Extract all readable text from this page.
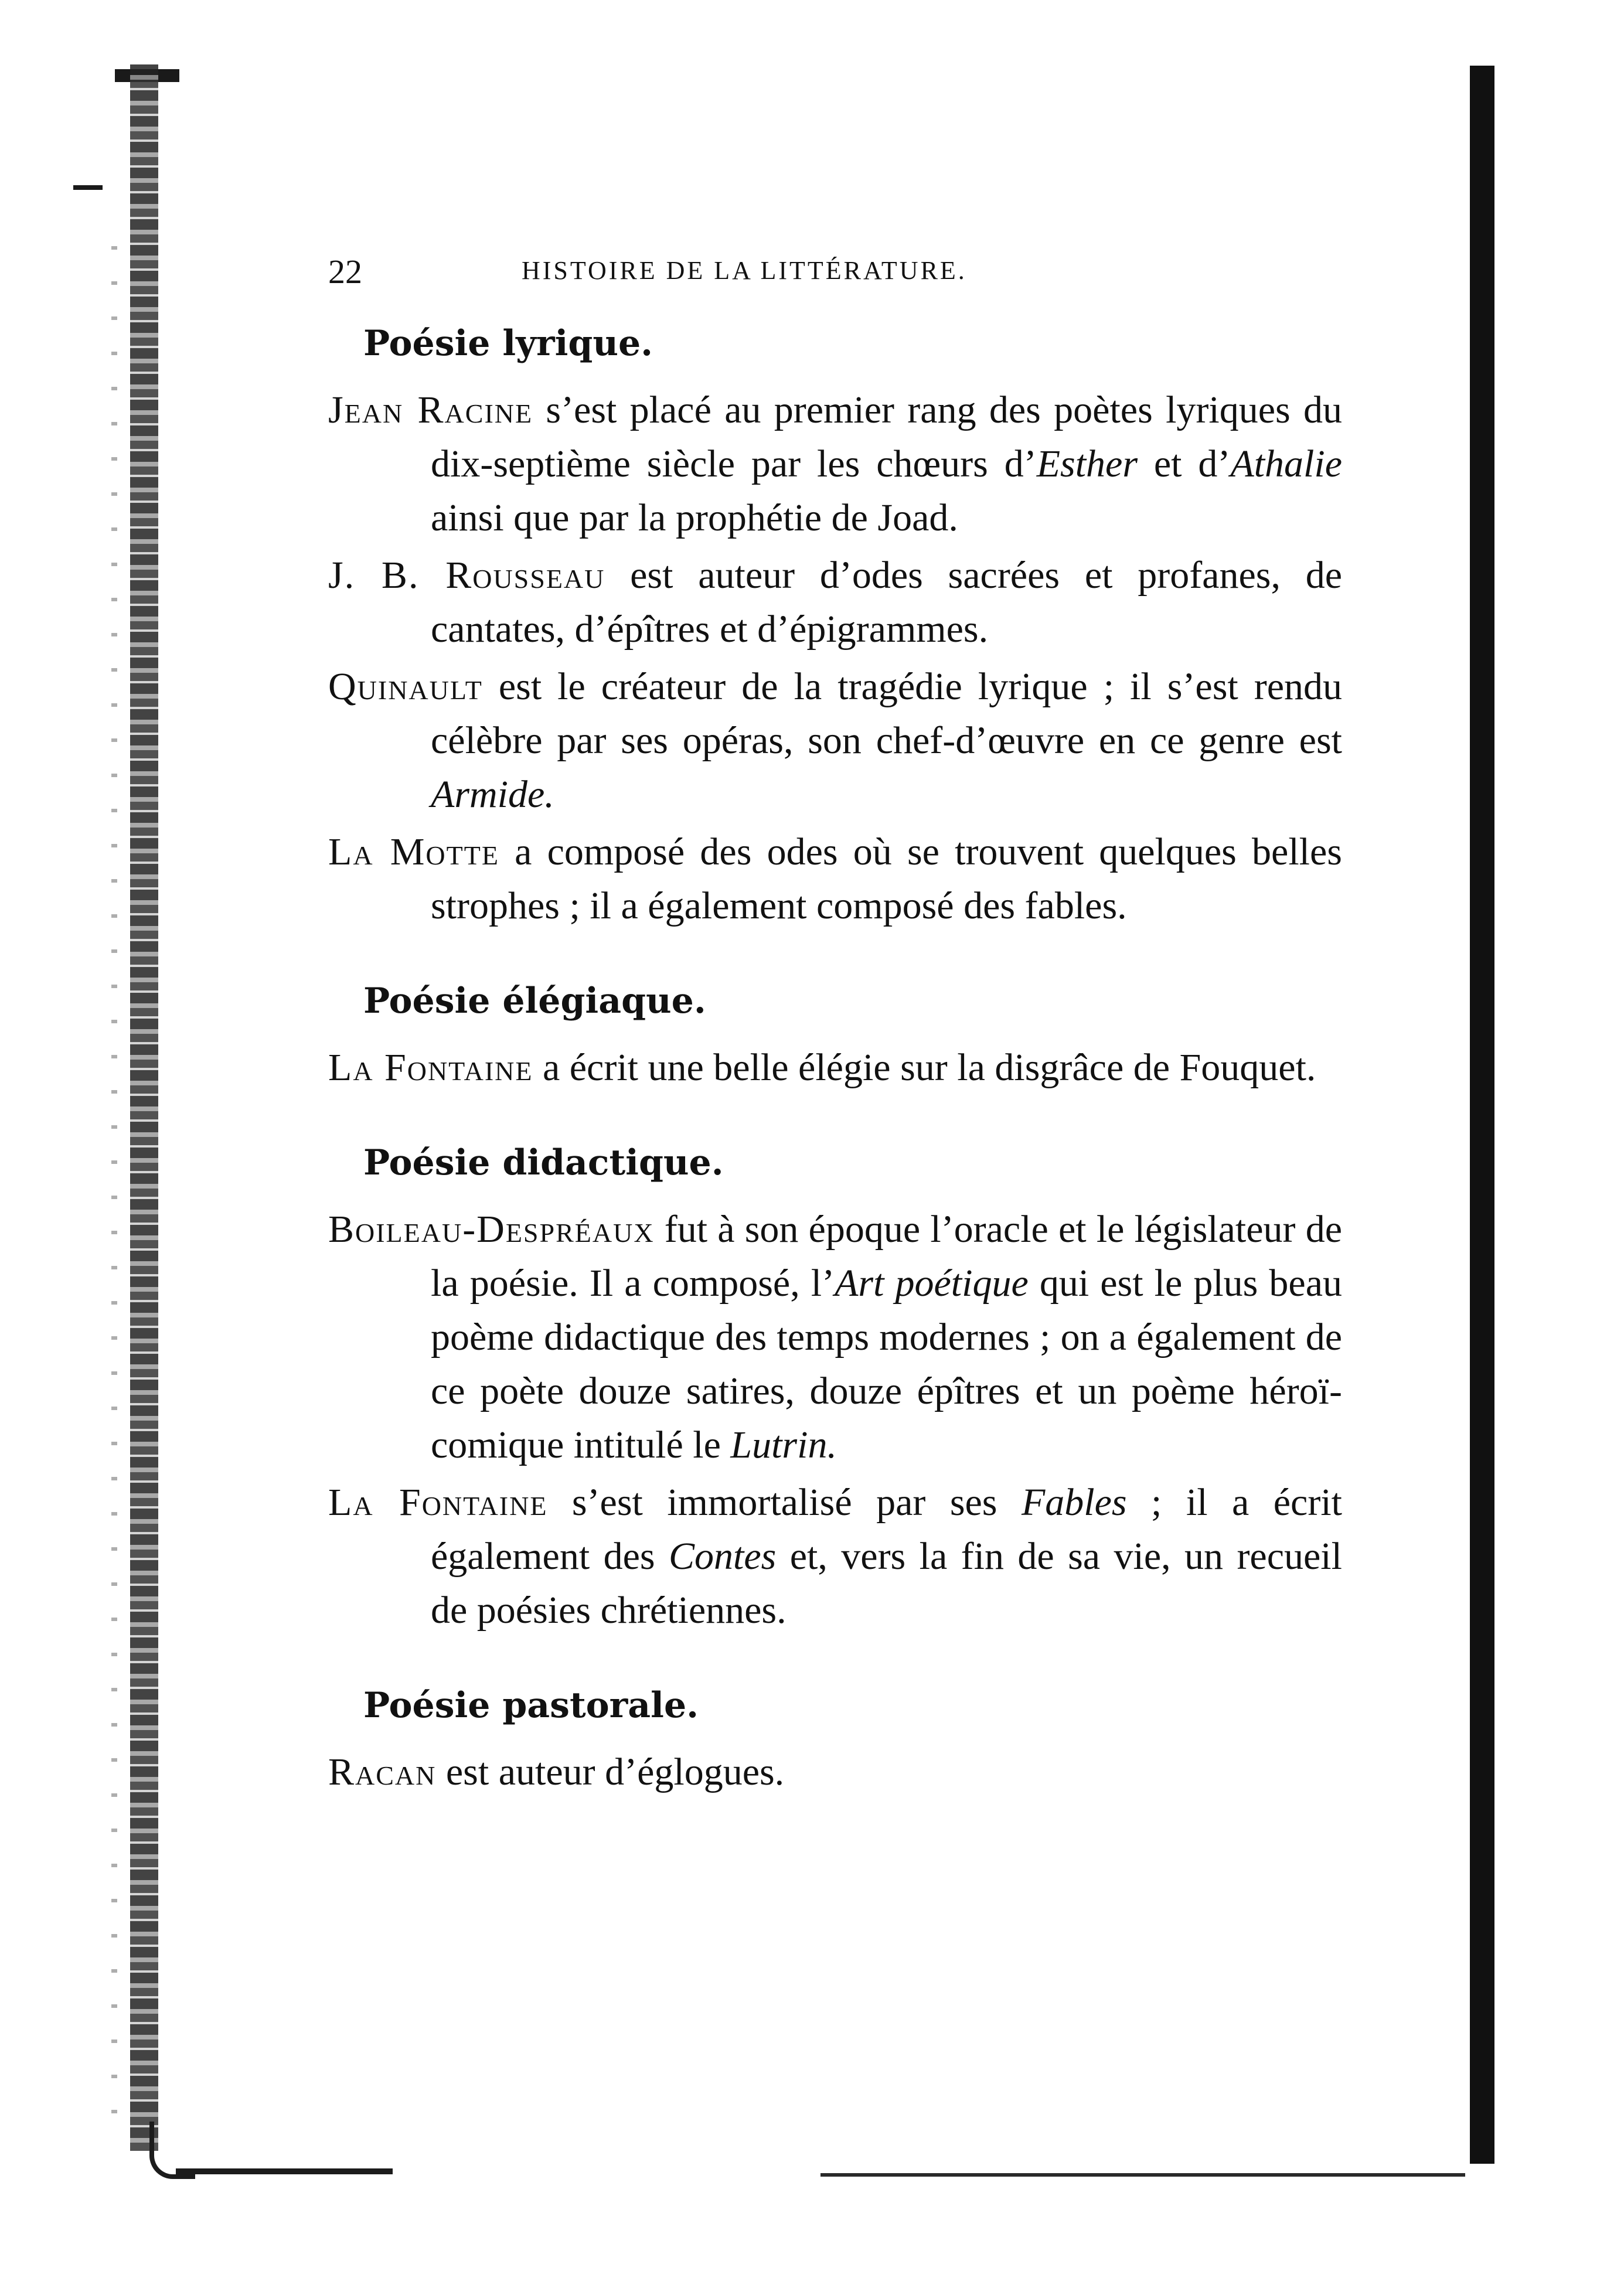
22	HISTOIRE DE LA LITTÉRATURE.
Poésie lyrique.

Jean Racine s’est placé au premier rang des poètes lyriques du dix-septième siècle par les chœurs d’Esther et d’Athalie ainsi que par la prophétie de Joad.

J. B. Rousseau est auteur d’odes sacrées et profanes, de cantates, d’épîtres et d’épigrammes.

Quinault est le créateur de la tragédie lyrique ; il s’est rendu célèbre par ses opéras, son chef-d’œuvre en ce genre est Armide.

La Motte a composé des odes où se trouvent quelques belles strophes ; il a également composé des fables.

Poésie élégiaque.

La Fontaine a écrit une belle élégie sur la disgrâce de Fouquet.

Poésie didactique.

Boileau-Despréaux fut à son époque l’oracle et le législateur de la poésie. Il a composé, l’Art poétique qui est le plus beau poème didactique des temps modernes ; on a également de ce poète douze satires, douze épîtres et un poème héroï-comique intitulé le Lutrin.

La Fontaine s’est immortalisé par ses Fables ; il a écrit également des Contes et, vers la fin de sa vie, un recueil de poésies chrétiennes.

Poésie pastorale.

Racan est auteur d’églogues.
